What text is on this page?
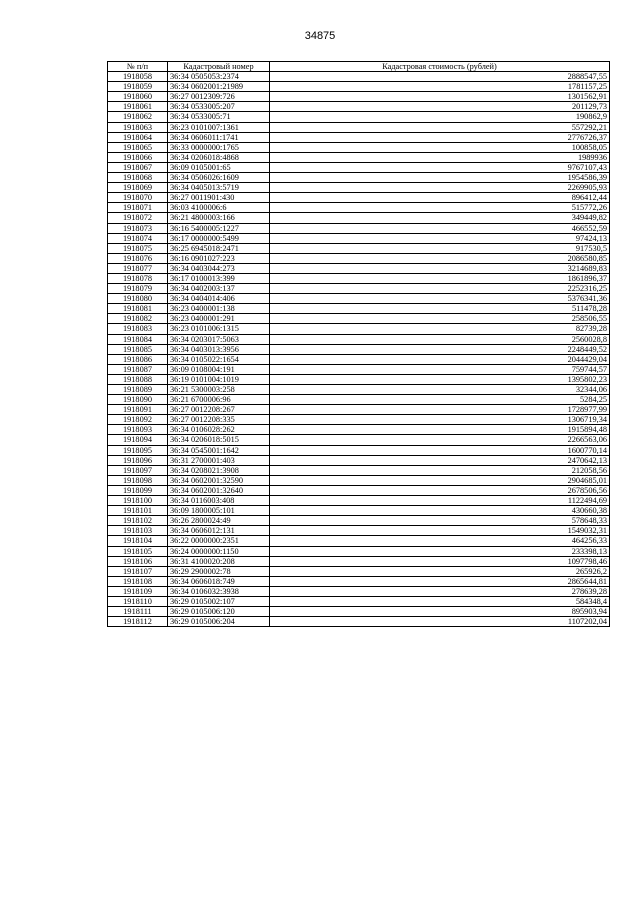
34875
№ п/п	Кадастровый номер	Кадастровая стоимость (рублей)
1918058	36:34 0505053:2374	2888547,55
1918059	36:34 0602001:21989	1781157,25
1918060	36:27 0012309:726	1301562,91
1918061	36:34 0533005:207	201129,73
1918062	36:34 0533005:71	190862,9
1918063	36:23 0101007:1361	557292,21
1918064	36:34 0606011:1741	2776726,37
1918065	36:33 0000000:1765	100858,05
1918066	36:34 0206018:4868	1989936
1918067	36:09 0105001:65	9767107,43
1918068	36:34 0506026:1609	1954586,39
1918069	36:34 0405013:5719	2269905,93
1918070	36:27 0011901:430	896412,44
1918071	36:03 4100006:6	515772,26
1918072	36:21 4800003:166	349449,82
1918073	36:16 5400005:1227	466552,59
1918074	36:17 0000000:5499	97424,13
1918075	36:25 6945018:2471	917530,5
1918076	36:16 0901027:223	2086580,85
1918077	36:34 0403044:273	3214689,83
1918078	36:17 0100013:399	1861896,37
1918079	36:34 0402003:137	2252316,25
1918080	36:34 0404014:406	5376341,36
1918081	36:23 0400001:138	511478,28
1918082	36:23 0400001:291	258506,55
1918083	36:23 0101006:1315	82739,28
1918084	36:34 0203017:5063	2560028,8
1918085	36:34 0403013:3956	2248449,52
1918086	36:34 0105022:1654	2044429,04
1918087	36:09 0108004:191	759744,57
1918088	36:19 0101004:1019	1395802,23
1918089	36:21 5300003:258	32344,06
1918090	36:21 6700006:96	5284,25
1918091	36:27 0012208:267	1728977,99
1918092	36:27 0012208:335	1306719,34
1918093	36:34 0106028:262	1915894,48
1918094	36:34 0206018:5015	2266563,06
1918095	36:34 0545001:1642	1600770,14
1918096	36:31 2700001:403	2470642,13
1918097	36:34 0208021:3908	212058,56
1918098	36:34 0602001:32590	2904685,01
1918099	36:34 0602001:32640	2678506,56
1918100	36:34 0116003:408	1122494,69
1918101	36:09 1800005:101	430660,38
1918102	36:26 2800024:49	578648,33
1918103	36:34 0606012:131	1549032,31
1918104	36:22 0000000:2351	464256,33
1918105	36:24 0000000:1150	233398,13
1918106	36:31 4100020:208	1097798,46
1918107	36:29 2900002:78	265926,2
1918108	36:34 0606018:749	2865644,81
1918109	36:34 0106032:3938	278639,28
1918110	36:29 0105002:107	584348,4
1918111	36:29 0105006:120	895903,94
1918112	36:29 0105006:204	1107202,04
